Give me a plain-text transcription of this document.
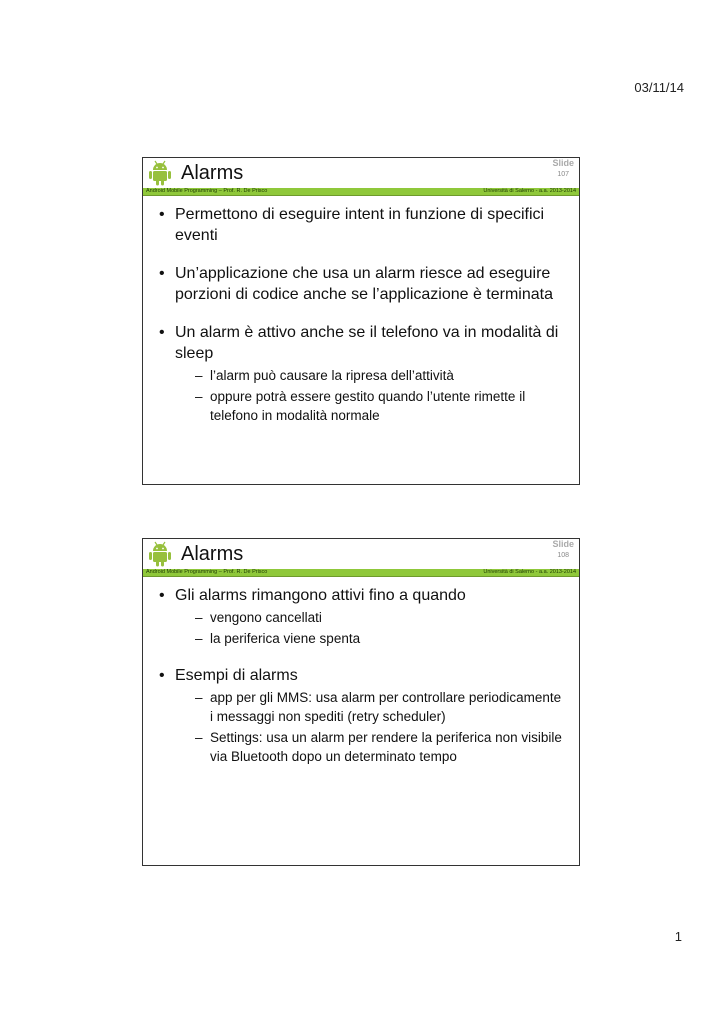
03/11/14
Alarms	Slide
107
Android Mobile Programming – Prof. R. De Prisco	Università di Salerno - a.a. 2013-2014
• Permettono di eseguire intent in funzione di specifici eventi
• Un’applicazione che usa un alarm riesce ad eseguire porzioni di codice anche se l’applicazione è terminata
• Un alarm è attivo anche se il telefono va in modalità di sleep
– l’alarm può causare la ripresa dell’attività
– oppure potrà essere gestito quando l’utente rimette il telefono in modalità normale
Alarms	Slide
108
Android Mobile Programming – Prof. R. De Prisco	Università di Salerno - a.a. 2013-2014
• Gli alarms rimangono attivi fino a quando
– vengono cancellati
– la periferica viene spenta
• Esempi di alarms
– app per gli MMS: usa alarm per controllare periodicamente i messaggi non spediti (retry scheduler)
– Settings: usa un alarm per rendere la periferica non visibile via Bluetooth dopo un determinato tempo
1
